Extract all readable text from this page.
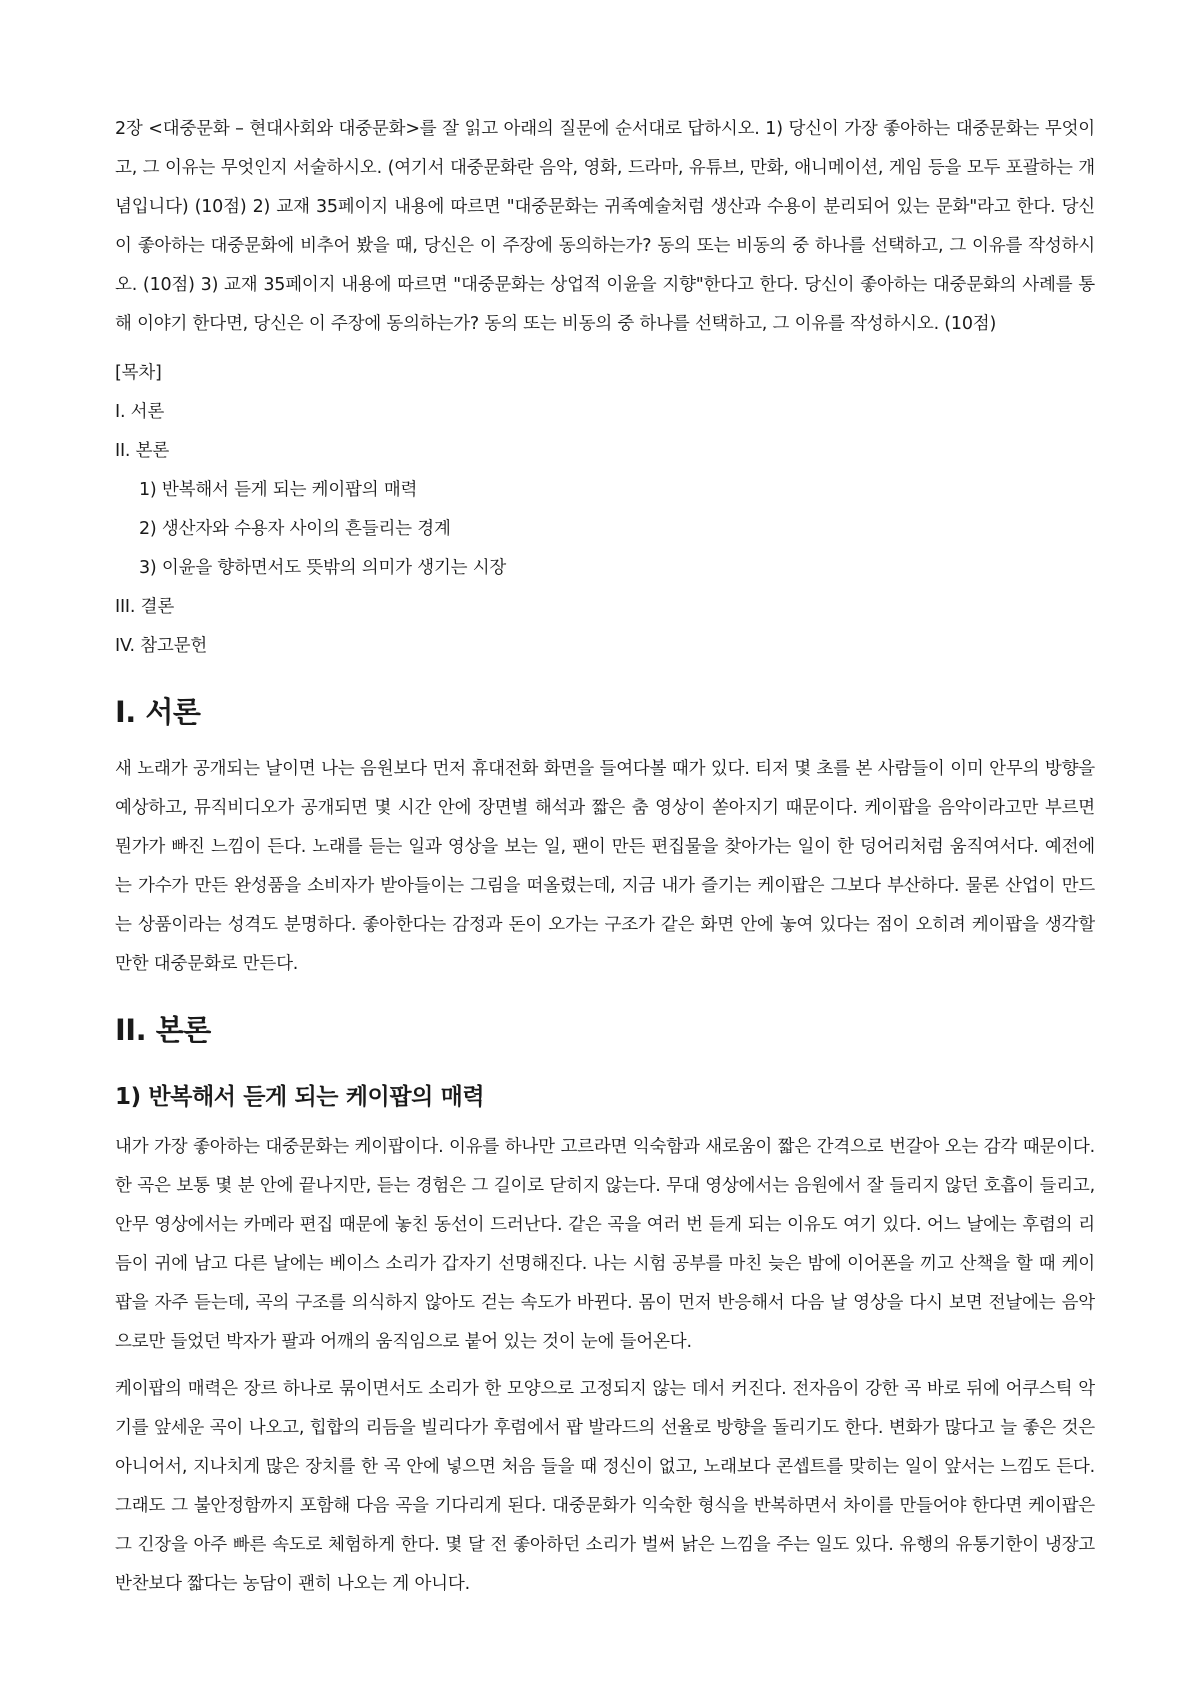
2장 <대중문화 – 현대사회와 대중문화>를 잘 읽고 아래의 질문에 순서대로 답하시오. 1) 당신이 가장 좋아하는 대중문화는 무엇이고, 그 이유는 무엇인지 서술하시오. (여기서 대중문화란 음악, 영화, 드라마, 유튜브, 만화, 애니메이션, 게임 등을 모두 포괄하는 개념입니다) (10점) 2) 교재 35페이지 내용에 따르면 "대중문화는 귀족예술처럼 생산과 수용이 분리되어 있는 문화"라고 한다. 당신이 좋아하는 대중문화에 비추어 봤을 때, 당신은 이 주장에 동의하는가? 동의 또는 비동의 중 하나를 선택하고, 그 이유를 작성하시오. (10점) 3) 교재 35페이지 내용에 따르면 "대중문화는 상업적 이윤을 지향"한다고 한다. 당신이 좋아하는 대중문화의 사례를 통해 이야기 한다면, 당신은 이 주장에 동의하는가? 동의 또는 비동의 중 하나를 선택하고, 그 이유를 작성하시오. (10점)

[목차]
I. 서론
II. 본론
1) 반복해서 듣게 되는 케이팝의 매력
2) 생산자와 수용자 사이의 흔들리는 경계
3) 이윤을 향하면서도 뜻밖의 의미가 생기는 시장
III. 결론
IV. 참고문헌
I. 서론

새 노래가 공개되는 날이면 나는 음원보다 먼저 휴대전화 화면을 들여다볼 때가 있다. 티저 몇 초를 본 사람들이 이미 안무의 방향을 예상하고, 뮤직비디오가 공개되면 몇 시간 안에 장면별 해석과 짧은 춤 영상이 쏟아지기 때문이다. 케이팝을 음악이라고만 부르면 뭔가가 빠진 느낌이 든다. 노래를 듣는 일과 영상을 보는 일, 팬이 만든 편집물을 찾아가는 일이 한 덩어리처럼 움직여서다. 예전에는 가수가 만든 완성품을 소비자가 받아들이는 그림을 떠올렸는데, 지금 내가 즐기는 케이팝은 그보다 부산하다. 물론 산업이 만드는 상품이라는 성격도 분명하다. 좋아한다는 감정과 돈이 오가는 구조가 같은 화면 안에 놓여 있다는 점이 오히려 케이팝을 생각할 만한 대중문화로 만든다.

II. 본론
1) 반복해서 듣게 되는 케이팝의 매력

내가 가장 좋아하는 대중문화는 케이팝이다. 이유를 하나만 고르라면 익숙함과 새로움이 짧은 간격으로 번갈아 오는 감각 때문이다. 한 곡은 보통 몇 분 안에 끝나지만, 듣는 경험은 그 길이로 닫히지 않는다. 무대 영상에서는 음원에서 잘 들리지 않던 호흡이 들리고, 안무 영상에서는 카메라 편집 때문에 놓친 동선이 드러난다. 같은 곡을 여러 번 듣게 되는 이유도 여기 있다. 어느 날에는 후렴의 리듬이 귀에 남고 다른 날에는 베이스 소리가 갑자기 선명해진다. 나는 시험 공부를 마친 늦은 밤에 이어폰을 끼고 산책을 할 때 케이팝을 자주 듣는데, 곡의 구조를 의식하지 않아도 걷는 속도가 바뀐다. 몸이 먼저 반응해서 다음 날 영상을 다시 보면 전날에는 음악으로만 들었던 박자가 팔과 어깨의 움직임으로 붙어 있는 것이 눈에 들어온다.

케이팝의 매력은 장르 하나로 묶이면서도 소리가 한 모양으로 고정되지 않는 데서 커진다. 전자음이 강한 곡 바로 뒤에 어쿠스틱 악기를 앞세운 곡이 나오고, 힙합의 리듬을 빌리다가 후렴에서 팝 발라드의 선율로 방향을 돌리기도 한다. 변화가 많다고 늘 좋은 것은 아니어서, 지나치게 많은 장치를 한 곡 안에 넣으면 처음 들을 때 정신이 없고, 노래보다 콘셉트를 맞히는 일이 앞서는 느낌도 든다. 그래도 그 불안정함까지 포함해 다음 곡을 기다리게 된다. 대중문화가 익숙한 형식을 반복하면서 차이를 만들어야 한다면 케이팝은 그 긴장을 아주 빠른 속도로 체험하게 한다. 몇 달 전 좋아하던 소리가 벌써 낡은 느낌을 주는 일도 있다. 유행의 유통기한이 냉장고 반찬보다 짧다는 농담이 괜히 나오는 게 아니다.
